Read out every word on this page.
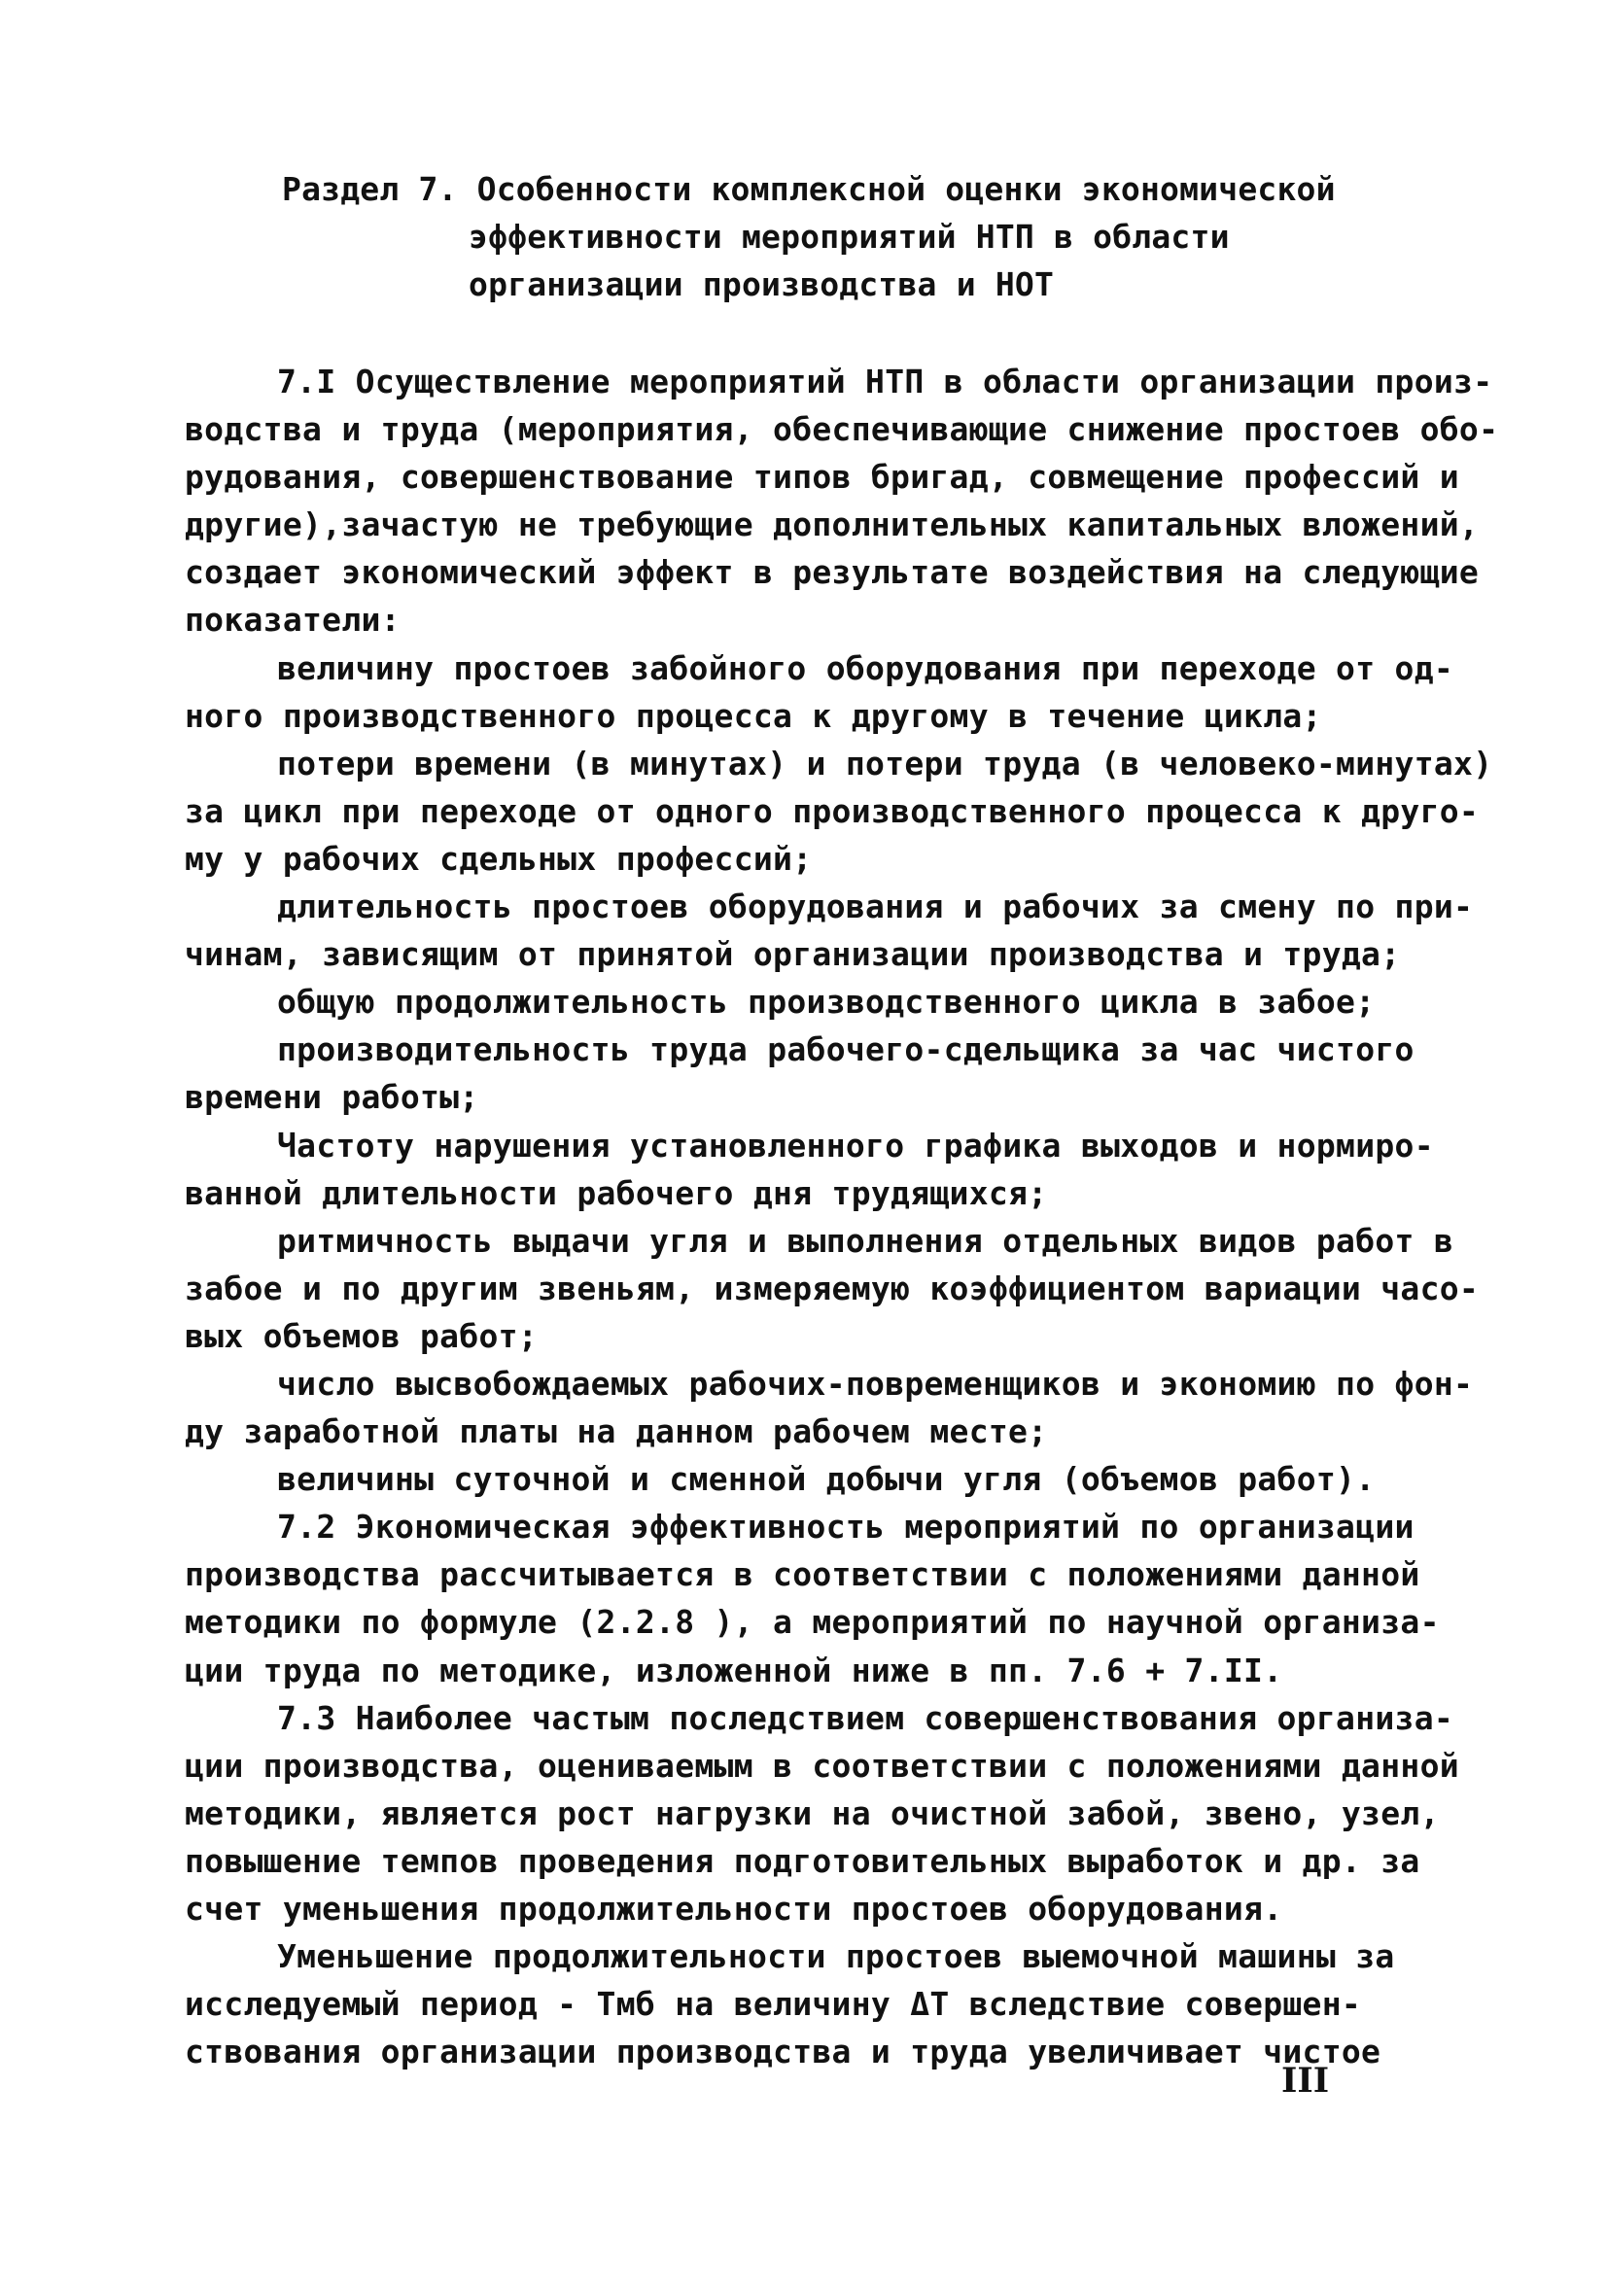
Раздел 7. Особенности комплексной оценки экономической
эффективности мероприятий НТП в области
организации производства и НОТ
7.I Осуществление мероприятий НТП в области организации произ-
водства и труда (мероприятия, обеспечивающие снижение простоев обо-
рудования, совершенствование типов бригад, совмещение профессий и
другие),зачастую не требующие дополнительных капитальных вложений,
создает экономический эффект в результате воздействия на следующие
показатели:
величину простоев забойного оборудования при переходе от од-
ного производственного процесса к другому в течение цикла;
потери времени (в минутах) и потери труда (в человеко-минутах)
за цикл при переходе от одного производственного процесса к друго-
му у рабочих сдельных профессий;
длительность простоев оборудования и рабочих за смену по при-
чинам, зависящим от принятой организации производства и труда;
общую продолжительность производственного цикла в забое;
производительность труда рабочего-сдельщика за час чистого
времени работы;
Частоту нарушения установленного графика выходов и нормиро-
ванной длительности рабочего дня трудящихся;
ритмичность выдачи угля и выполнения отдельных видов работ в
забое и по другим звеньям, измеряемую коэффициентом вариации часо-
вых объемов работ;
число высвобождаемых рабочих-повременщиков и экономию по фон-
ду заработной платы на данном рабочем месте;
величины суточной и сменной добычи угля (объемов работ).
7.2 Экономическая эффективность мероприятий по организации
производства рассчитывается в соответствии с положениями данной
методики по формуле (2.2.8 ), а мероприятий по научной организа-
ции труда по методике, изложенной ниже в пп. 7.6 + 7.II.
7.3 Наиболее частым последствием совершенствования организа-
ции производства, оцениваемым в соответствии с положениями данной
методики, является рост нагрузки на очистной забой, звено, узел,
повышение темпов проведения подготовительных выработок и др. за
счет уменьшения продолжительности простоев оборудования.
Уменьшение продолжительности простоев выемочной машины за
исследуемый период - Tмб на величину ΔT вследствие совершен-
ствования организации производства и труда увеличивает чистое
III
